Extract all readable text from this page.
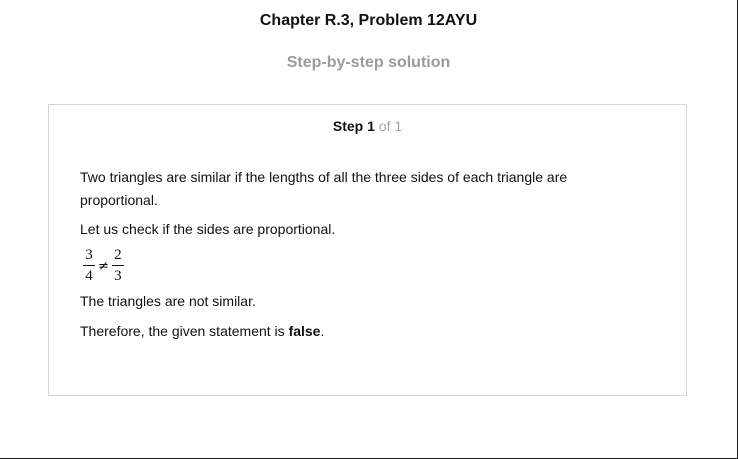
Chapter R.3, Problem 12AYU
Step-by-step solution
Step 1 of 1

Two triangles are similar if the lengths of all the three sides of each triangle are proportional.

Let us check if the sides are proportional.

$\frac{3}{4} \ne \frac{2}{3}$

The triangles are not similar.

Therefore, the given statement is false.
